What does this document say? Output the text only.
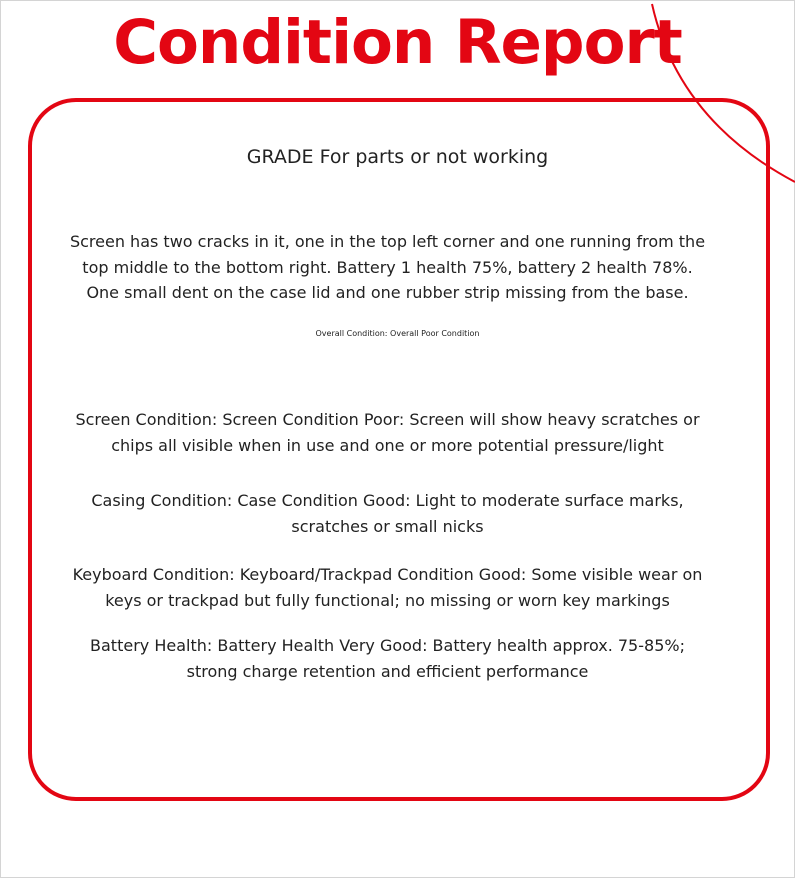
Condition Report
GRADE For parts or not working
Screen has two cracks in it, one in the top left corner and one running from the top middle to the bottom right. Battery 1 health 75%, battery 2 health 78%. One small dent on the case lid and one rubber strip missing from the base.
Overall Condition: Overall Poor Condition
Screen Condition: Screen Condition Poor: Screen will show heavy scratches or chips all visible when in use and one or more potential pressure/light
Casing Condition: Case Condition Good: Light to moderate surface marks, scratches or small nicks
Keyboard Condition: Keyboard/Trackpad Condition Good: Some visible wear on keys or trackpad but fully functional; no missing or worn key markings
Battery Health: Battery Health Very Good: Battery health approx. 75-85%; strong charge retention and efficient performance
